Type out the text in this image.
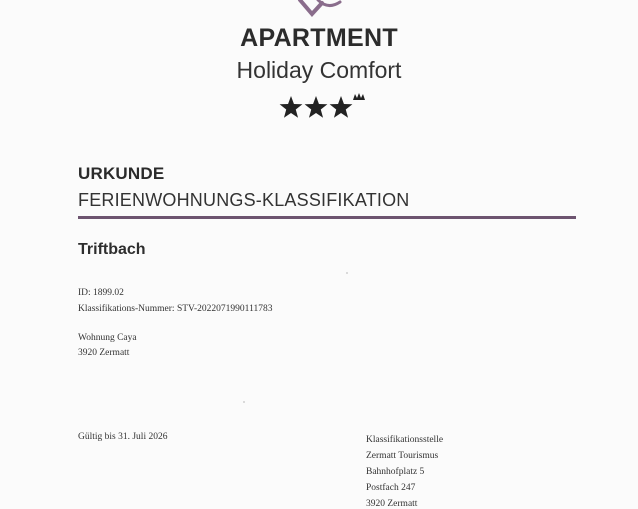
APARTMENT
Holiday Comfort
URKUNDE
FERIENWOHNUNGS-KLASSIFIKATION
Triftbach
ID: 1899.02
Klassifikations-Nummer: STV-2022071990111783
Wohnung Caya
3920 Zermatt
Gültig bis 31. Juli 2026	Klassifikationsstelle
Zermatt Tourismus
Bahnhofplatz 5
Postfach 247
3920 Zermatt
